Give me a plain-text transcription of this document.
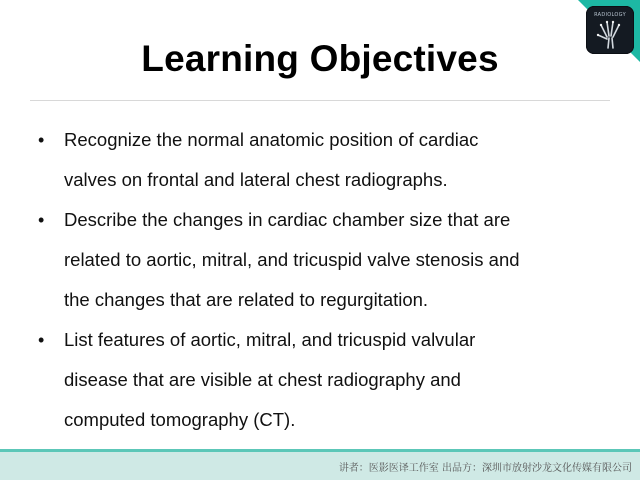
RADIOLOGY
Learning Objectives
• Recognize the normal anatomic position of cardiac
valves on frontal and lateral chest radiographs.
• Describe the changes in cardiac chamber size that are
related to aortic, mitral, and tricuspid valve stenosis and
the changes that are related to regurgitation.
• List features of aortic, mitral, and tricuspid valvular
disease that are visible at chest radiography and
computed tomography (CT).
讲者：医影医译工作室 出品方：深圳市放射沙龙文化传媒有限公司
